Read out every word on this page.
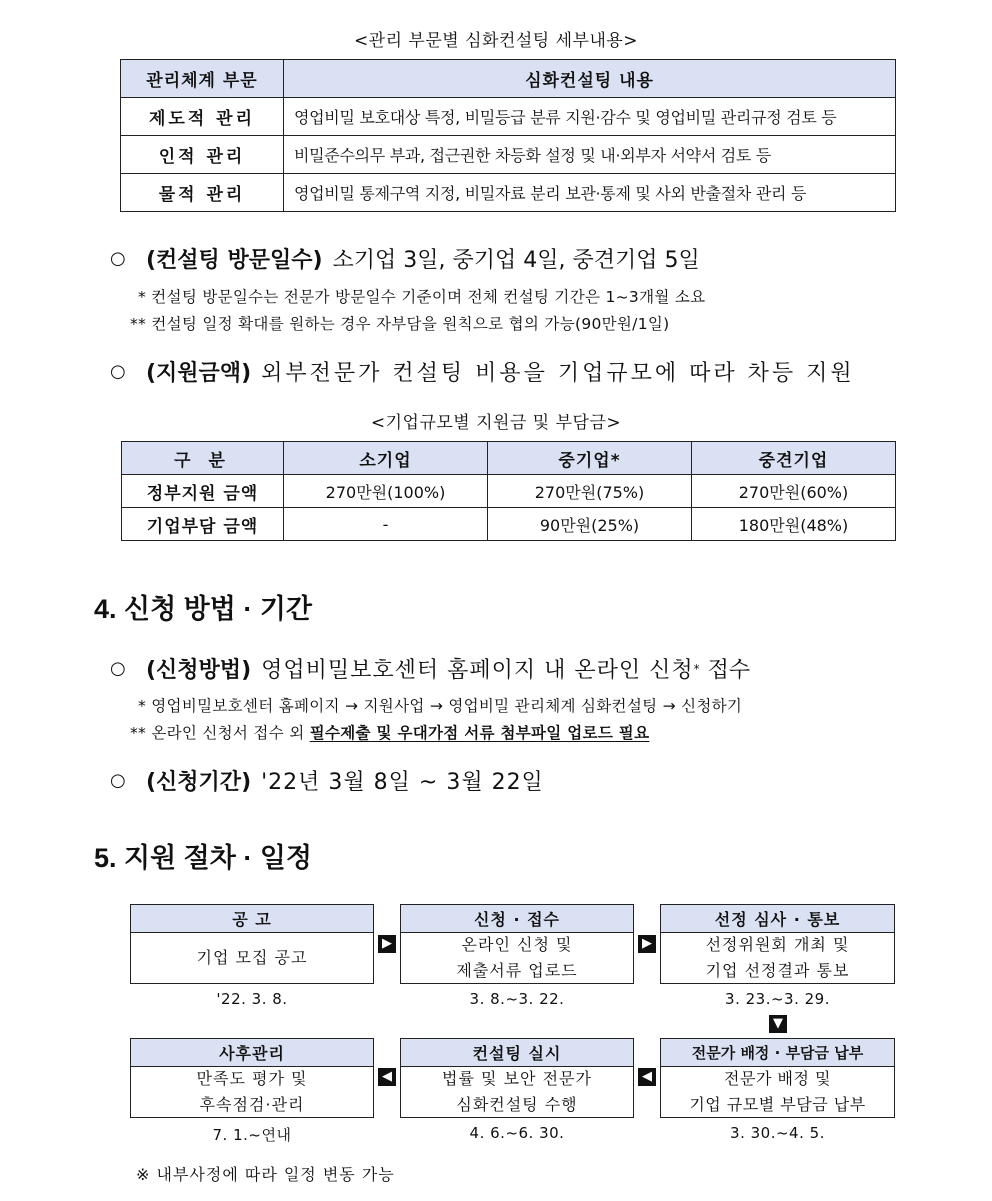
<관리 부문별 심화컨설팅 세부내용>
관리체계 부문	심화컨설팅 내용
제도적 관리	영업비밀 보호대상 특정, 비밀등급 분류 지원·감수 및 영업비밀 관리규정 검토 등
인적 관리	비밀준수의무 부과, 접근권한 차등화 설정 및 내·외부자 서약서 검토 등
물적 관리	영업비밀 통제구역 지정, 비밀자료 분리 보관·통제 및 사외 반출절차 관리 등
○ (컨설팅 방문일수) 소기업 3일, 중기업 4일, 중견기업 5일
* 컨설팅 방문일수는 전문가 방문일수 기준이며 전체 컨설팅 기간은 1~3개월 소요
** 컨설팅 일정 확대를 원하는 경우 자부담을 원칙으로 협의 가능(90만원/1일)
○ (지원금액) 외부전문가 컨설팅 비용을 기업규모에 따라 차등 지원
<기업규모별 지원금 및 부담금>
구 분	소기업	중기업*	중견기업
정부지원 금액	270만원(100%)	270만원(75%)	270만원(60%)
기업부담 금액	-	90만원(25%)	180만원(48%)
4. 신청 방법 · 기간
○ (신청방법) 영업비밀보호센터 홈페이지 내 온라인 신청 * 접수
* 영업비밀보호센터 홈페이지 → 지원사업 → 영업비밀 관리체계 심화컨설팅 → 신청하기
** 온라인 신청서 접수 외 필수제출 및 우대가점 서류 첨부파일 업로드 필요
○ (신청기간) '22년 3월 8일 ~ 3월 22일
5. 지원 절차 · 일정
공 고
기업 모집 공고
신청 · 접수
온라인 신청 및
제출서류 업로드
선정 심사 · 통보
선정위원회 개최 및
기업 선정결과 통보
▶	▶
'22. 3. 8.	3. 8.~3. 22.	3. 23.~3. 29.
▼
사후관리
만족도 평가 및
후속점검·관리
컨설팅 실시
법률 및 보안 전문가
심화컨설팅 수행
전문가 배정 · 부담금 납부
전문가 배정 및
기업 규모별 부담금 납부
◀	◀
7. 1.~연내	4. 6.~6. 30.	3. 30.~4. 5.
※ 내부사정에 따라 일정 변동 가능
